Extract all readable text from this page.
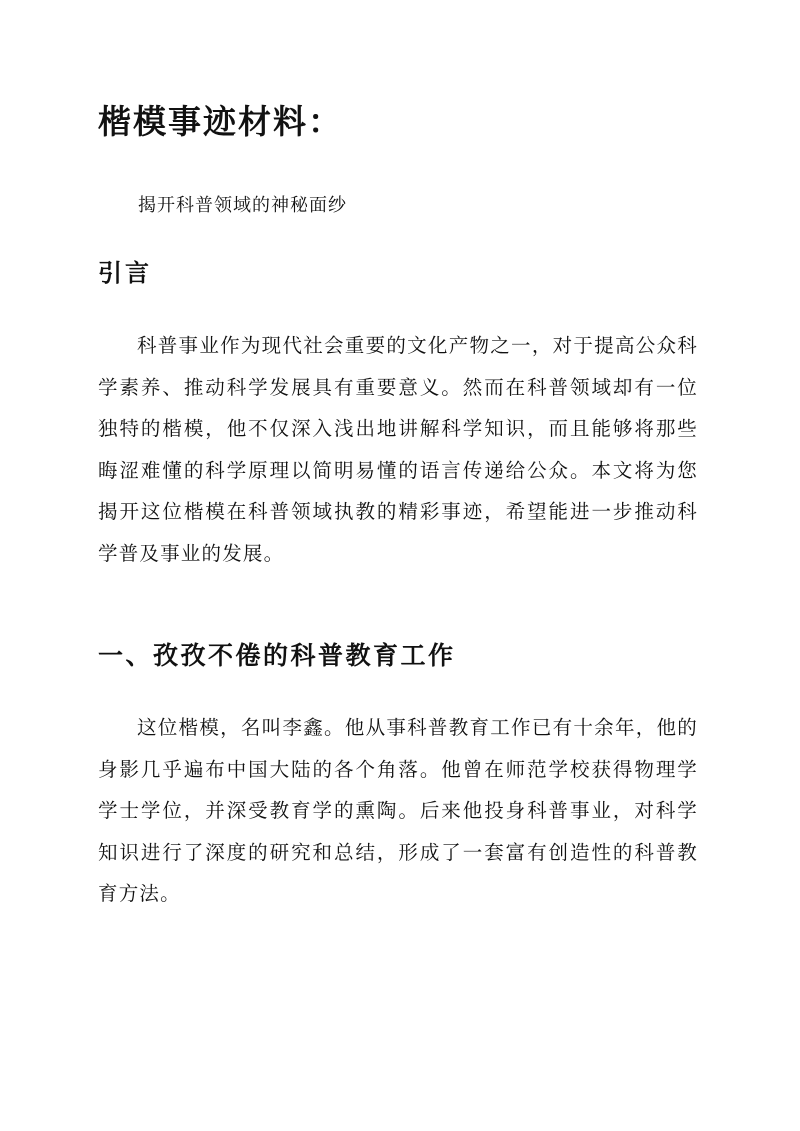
楷模事迹材料：

揭开科普领域的神秘面纱

引言

科普事业作为现代社会重要的文化产物之一，对于提高公众科学素养、推动科学发展具有重要意义。然而在科普领域却有一位独特的楷模，他不仅深入浅出地讲解科学知识，而且能够将那些晦涩难懂的科学原理以简明易懂的语言传递给公众。本文将为您揭开这位楷模在科普领域执教的精彩事迹，希望能进一步推动科学普及事业的发展。

一、孜孜不倦的科普教育工作

这位楷模，名叫李鑫。他从事科普教育工作已有十余年，他的身影几乎遍布中国大陆的各个角落。他曾在师范学校获得物理学学士学位，并深受教育学的熏陶。后来他投身科普事业，对科学知识进行了深度的研究和总结，形成了一套富有创造性的科普教育方法。
